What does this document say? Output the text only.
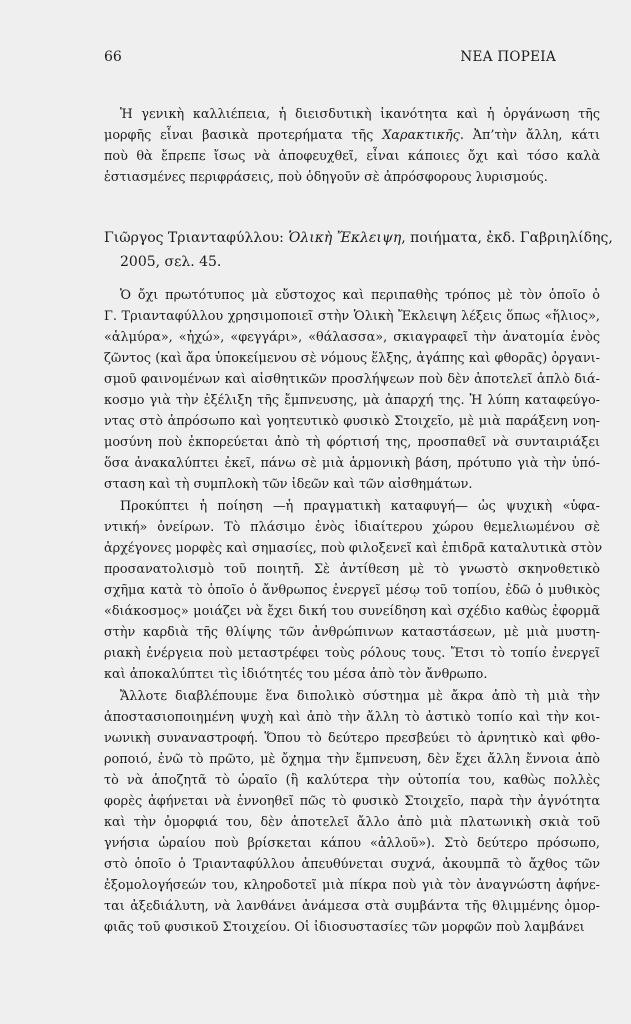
66	ΝΕΑ ΠΟΡΕΙΑ
Ἡ γενικὴ καλλιέπεια, ἡ διεισδυτικὴ ἱκανότητα καὶ ἡ ὀργάνωση τῆς
μορφῆς εἶναι βασικὰ προτερήματα τῆς Χαρακτικῆς. Ἀπ’τὴν ἄλλη, κάτι
ποὺ θὰ ἔπρεπε ἴσως νὰ ἀποφευχθεῖ, εἶναι κάποιες ὄχι καὶ τόσο καλὰ
ἑστιασμένες περιφράσεις, ποὺ ὁδηγοῦν σὲ ἀπρόσφορους λυρισμούς.
Γιῶργος Τριανταφύλλου: Ὁλικὴ Ἔκλειψη, ποιήματα, ἐκδ. Γαβριηλίδης,
2005, σελ. 45.
Ὁ ὄχι πρωτότυπος μὰ εὔστοχος καὶ περιπαθὴς τρόπος μὲ τὸν ὁποῖο ὁ
Γ. Τριανταφύλλου χρησιμοποιεῖ στὴν Ὁλικὴ Ἔκλειψη λέξεις ὅπως «ἥλιος»,
«ἁλμύρα», «ἠχώ», «φεγγάρι», «θάλασσα», σκιαγραφεῖ τὴν ἀνατομία ἑνὸς
ζῶντος (καὶ ἄρα ὑποκείμενου σὲ νόμους ἕλξης, ἀγάπης καὶ φθορᾶς) ὀργανι-
σμοῦ φαινομένων καὶ αἰσθητικῶν προσλήψεων ποὺ δὲν ἀποτελεῖ ἁπλὸ διά-
κοσμο γιὰ τὴν ἐξέλιξη τῆς ἔμπνευσης, μὰ ἀπαρχή της. Ἡ λύπη καταφεύγο-
ντας στὸ ἀπρόσωπο καὶ γοητευτικὸ φυσικὸ Στοιχεῖο, μὲ μιὰ παράξενη νοη-
μοσύνη ποὺ ἐκπορεύεται ἀπὸ τὴ φόρτισή της, προσπαθεῖ νὰ συνταιριάξει
ὅσα ἀνακαλύπτει ἐκεῖ, πάνω σὲ μιὰ ἁρμονικὴ βάση, πρότυπο γιὰ τὴν ὑπό-
σταση καὶ τὴ συμπλοκὴ τῶν ἰδεῶν καὶ τῶν αἰσθημάτων.
Προκύπτει ἡ ποίηση —ἡ πραγματικὴ καταφυγή— ὡς ψυχικὴ «ὑφα-
ντική» ὀνείρων. Τὸ πλάσιμο ἑνὸς ἰδιαίτερου χώρου θεμελιωμένου σὲ
ἀρχέγονες μορφὲς καὶ σημασίες, ποὺ φιλοξενεῖ καὶ ἐπιδρᾶ καταλυτικὰ στὸν
προσανατολισμὸ τοῦ ποιητῆ. Σὲ ἀντίθεση μὲ τὸ γνωστὸ σκηνοθετικὸ
σχῆμα κατὰ τὸ ὁποῖο ὁ ἄνθρωπος ἐνεργεῖ μέσῳ τοῦ τοπίου, ἐδῶ ὁ μυθικὸς
«διάκοσμος» μοιάζει νὰ ἔχει δική του συνείδηση καὶ σχέδιο καθὼς ἐφορμᾶ
στὴν καρδιὰ τῆς θλίψης τῶν ἀνθρώπινων καταστάσεων, μὲ μιὰ μυστη-
ριακὴ ἐνέργεια ποὺ μεταστρέφει τοὺς ρόλους τους. Ἔτσι τὸ τοπίο ἐνεργεῖ
καὶ ἀποκαλύπτει τὶς ἰδιότητές του μέσα ἀπὸ τὸν ἄνθρωπο.
Ἄλλοτε διαβλέπουμε ἕνα διπολικὸ σύστημα μὲ ἄκρα ἀπὸ τὴ μιὰ τὴν
ἀποστασιοποιημένη ψυχὴ καὶ ἀπὸ τὴν ἄλλη τὸ ἀστικὸ τοπίο καὶ τὴν κοι-
νωνικὴ συναναστροφή. Ὅπου τὸ δεύτερο πρεσβεύει τὸ ἀρνητικὸ καὶ φθο-
ροποιό, ἐνῶ τὸ πρῶτο, μὲ ὄχημα τὴν ἔμπνευση, δὲν ἔχει ἄλλη ἔννοια ἀπὸ
τὸ νὰ ἀποζητᾶ τὸ ὡραῖο (ἢ καλύτερα τὴν οὐτοπία του, καθὼς πολλὲς
φορὲς ἀφήνεται νὰ ἐννοηθεῖ πῶς τὸ φυσικὸ Στοιχεῖο, παρὰ τὴν ἀγνότητα
καὶ τὴν ὀμορφιά του, δὲν ἀποτελεῖ ἄλλο ἀπὸ μιὰ πλατωνικὴ σκιὰ τοῦ
γνήσια ὡραίου ποὺ βρίσκεται κάπου «ἀλλοῦ»). Στὸ δεύτερο πρόσωπο,
στὸ ὁποῖο ὁ Τριανταφύλλου ἀπευθύνεται συχνά, ἀκουμπᾶ τὸ ἄχθος τῶν
ἐξομολογήσεών του, κληροδοτεῖ μιὰ πίκρα ποὺ γιὰ τὸν ἀναγνώστη ἀφήνε-
ται ἀξεδιάλυτη, νὰ λανθάνει ἀνάμεσα στὰ συμβάντα τῆς θλιμμένης ὀμορ-
φιᾶς τοῦ φυσικοῦ Στοιχείου. Οἱ ἰδιοσυστασίες τῶν μορφῶν ποὺ λαμβάνει
